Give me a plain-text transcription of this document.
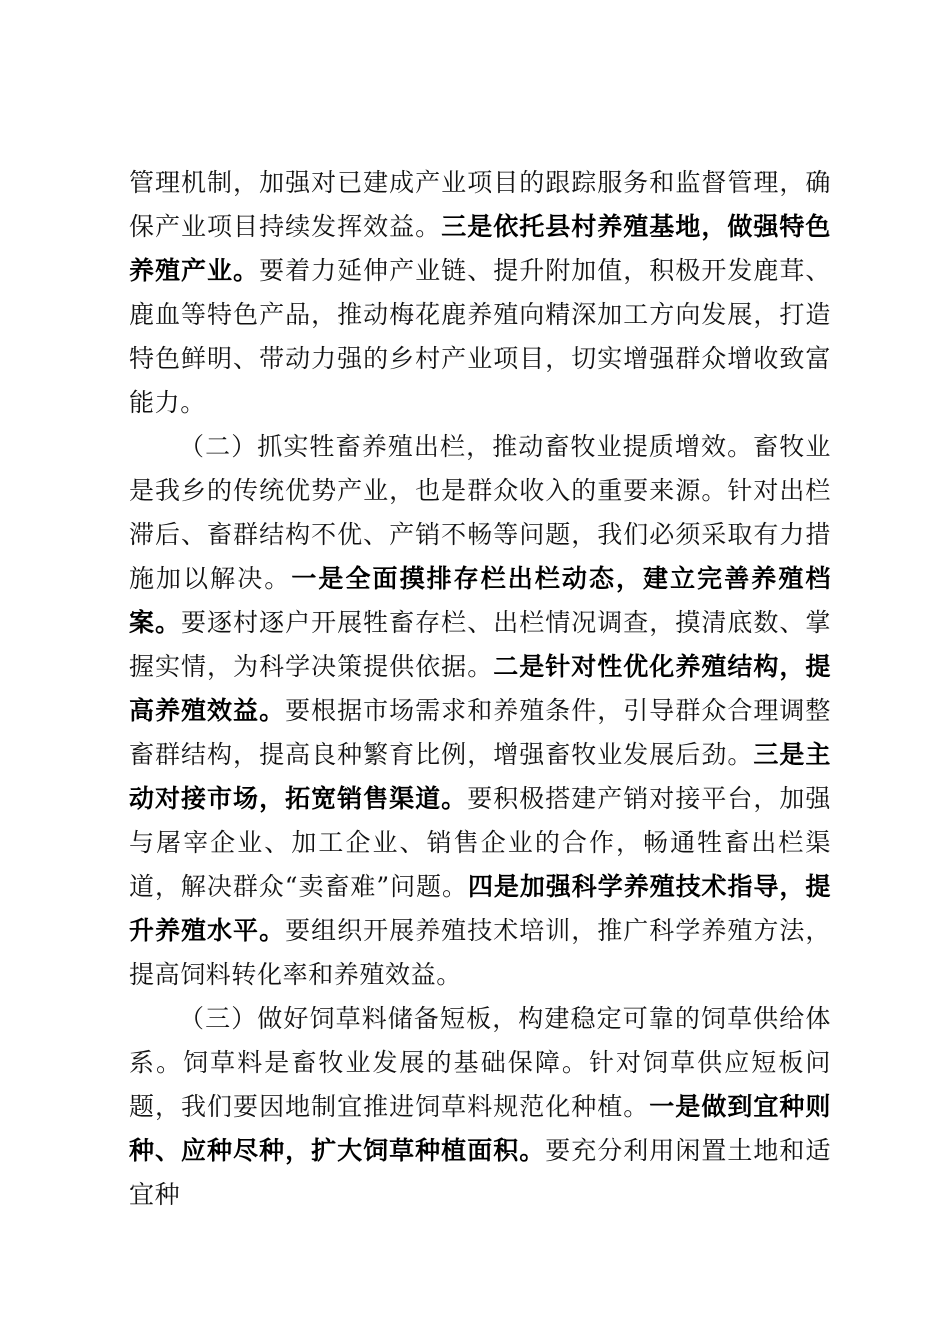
管理机制，加强对已建成产业项目的跟踪服务和监督管理，确保产业项目持续发挥效益。三是依托县村养殖基地，做强特色养殖产业。要着力延伸产业链、提升附加值，积极开发鹿茸、鹿血等特色产品，推动梅花鹿养殖向精深加工方向发展，打造特色鲜明、带动力强的乡村产业项目，切实增强群众增收致富能力。

（二）抓实牲畜养殖出栏，推动畜牧业提质增效。畜牧业是我乡的传统优势产业，也是群众收入的重要来源。针对出栏滞后、畜群结构不优、产销不畅等问题，我们必须采取有力措施加以解决。一是全面摸排存栏出栏动态，建立完善养殖档案。要逐村逐户开展牲畜存栏、出栏情况调查，摸清底数、掌握实情，为科学决策提供依据。二是针对性优化养殖结构，提高养殖效益。要根据市场需求和养殖条件，引导群众合理调整畜群结构，提高良种繁育比例，增强畜牧业发展后劲。三是主动对接市场，拓宽销售渠道。要积极搭建产销对接平台，加强与屠宰企业、加工企业、销售企业的合作，畅通牲畜出栏渠道，解决群众“卖畜难”问题。四是加强科学养殖技术指导，提升养殖水平。要组织开展养殖技术培训，推广科学养殖方法，提高饲料转化率和养殖效益。

（三）做好饲草料储备短板，构建稳定可靠的饲草供给体系。饲草料是畜牧业发展的基础保障。针对饲草供应短板问题，我们要因地制宜推进饲草料规范化种植。一是做到宜种则种、应种尽种，扩大饲草种植面积。要充分利用闲置土地和适宜种
